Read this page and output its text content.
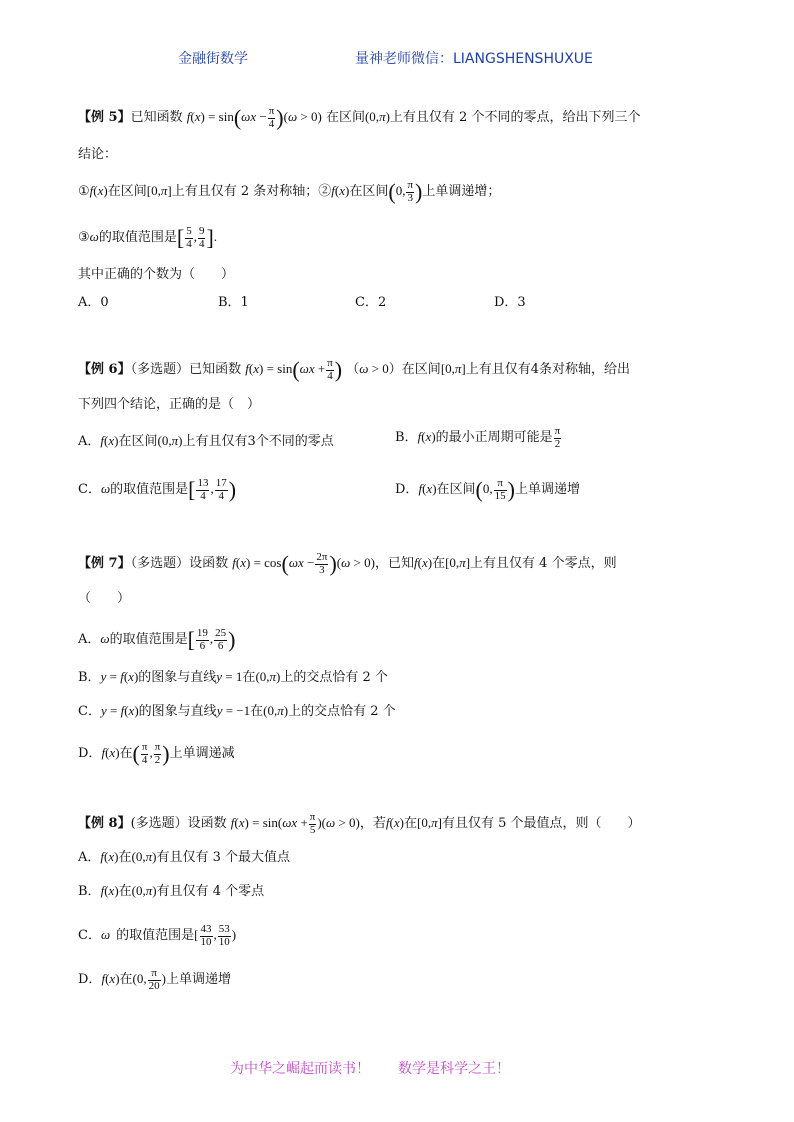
金融街数学	量神老师微信：LIANGSHENSHUXUE
【例 5】已知函数 $f(x) = \sin(\omega x - \frac{\pi}{4} )(\omega > 0)$ 在区间(0,π)上有且仅有 2 个不同的零点，给出下列三个
结论：
①f(x)在区间[0,π]上有且仅有 2 条对称轴；②f(x)在区间(0, $\frac{\pi}{3}$ )上单调递增；
③ω的取值范围是[ $\frac{5}{4}$ , $\frac{9}{4}$ ].
其中正确的个数为（　　）
A．0	B．1	C．2	D．3
【例 6】（多选题）已知函数 $f(x) = \sin(\omega x + \frac{\pi}{4}$ ) （ω > 0）在区间[0,π]上有且仅有4条对称轴，给出
下列四个结论，正确的是（　）
A．f(x)在区间(0,π)上有且仅有3个不同的零点	B．f(x)的最小正周期可能是 $\frac{\pi}{2}$
C．ω的取值范围是[ $\frac{13}{4}$ , $\frac{17}{4}$ )	D．f(x)在区间(0, $\frac{\pi}{15}$ )上单调递增
【例 7】（多选题）设函数 $f(x) = \cos(\omega x - \frac{2\pi}{3} )(\omega > 0)$，已知f(x)在[0,π]上有且仅有 4 个零点，则
（　　）
A．ω的取值范围是[ $\frac{19}{6}$ , $\frac{25}{6}$ )
B．y = f(x)的图象与直线y = 1在(0,π)上的交点恰有 2 个
C．y = f(x)的图象与直线y = −1在(0,π)上的交点恰有 2 个
D．f(x)在( $\frac{\pi}{4}$ , $\frac{\pi}{2}$ )上单调递减
【例 8】(多选题）设函数 $f(x) = \sin(\omega x + \frac{\pi}{5} )(\omega > 0)$，若f(x)在[0,π]有且仅有 5 个最值点，则（　　）
A．f(x)在(0,π)有且仅有 3 个最大值点
B．f(x)在(0,π)有且仅有 4 个零点
C．ω 的取值范围是[ $\frac{43}{10}$ , $\frac{53}{10}$ )
D．f(x)在(0, $\frac{\pi}{20}$ )上单调递增
为中华之崛起而读书！ 数学是科学之王！
